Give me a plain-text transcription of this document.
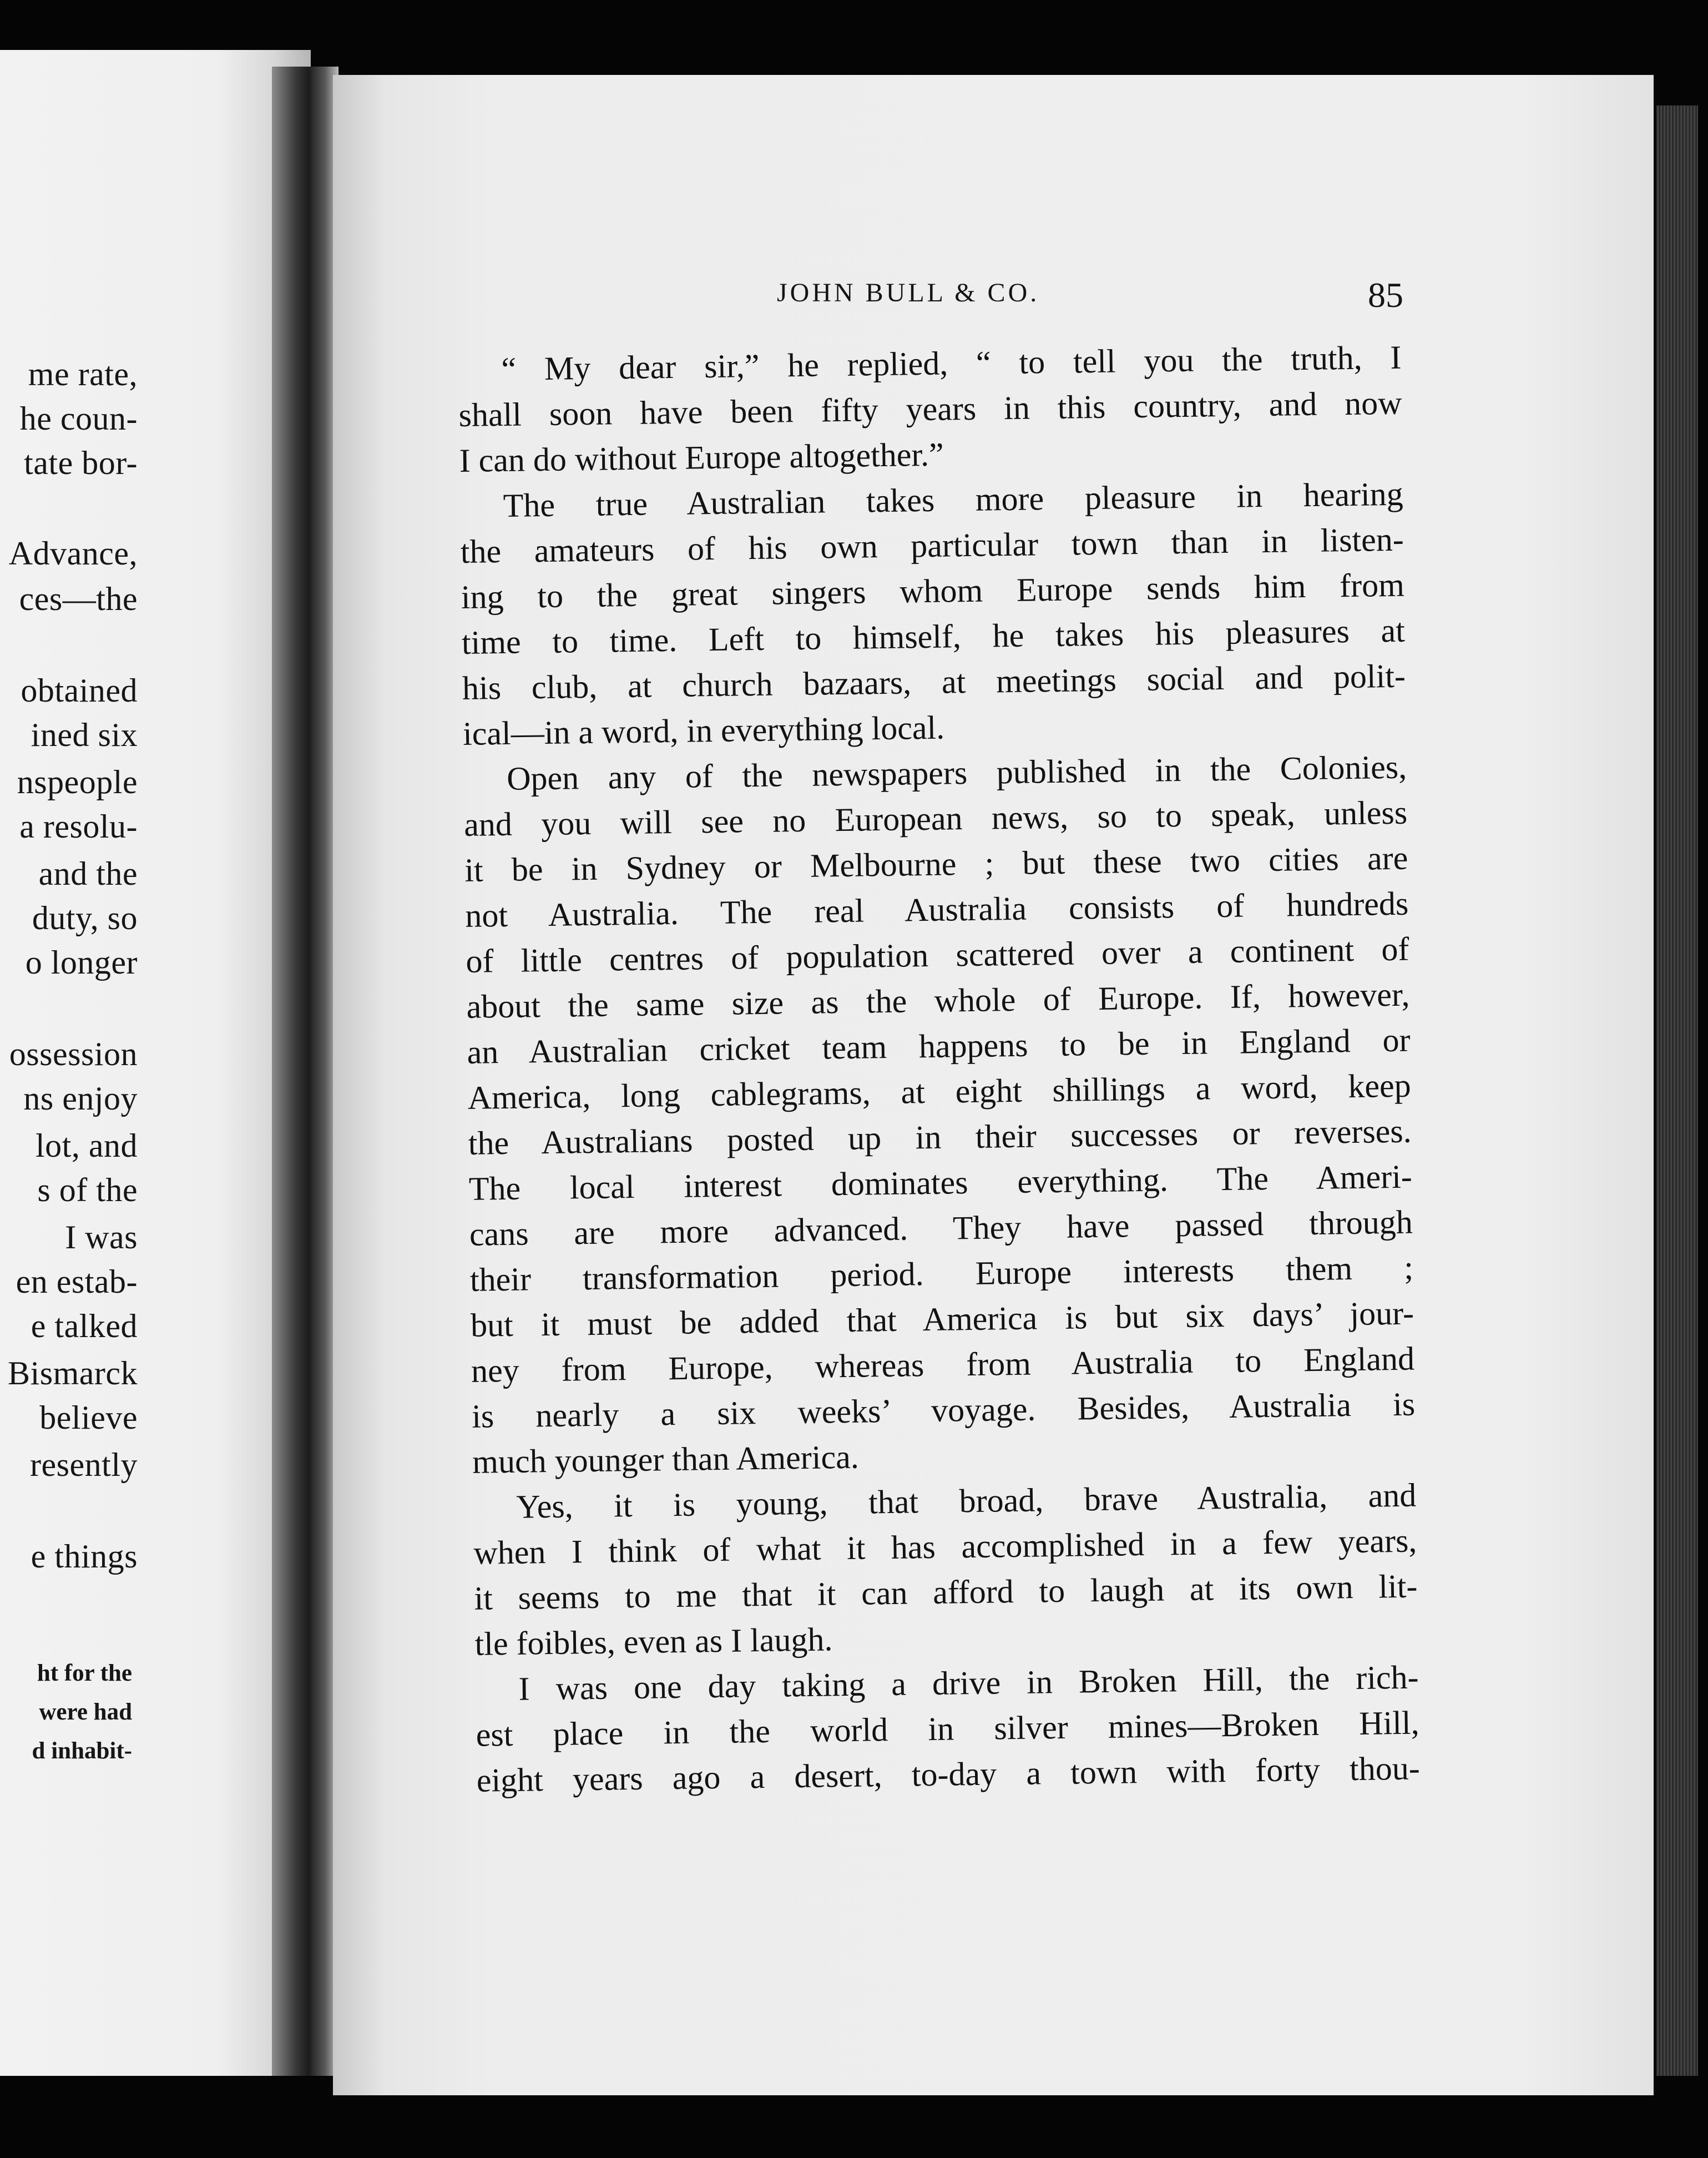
me rate,
he coun-
tate bor-
Advance,
ces—the
obtained
ined six
nspeople
a resolu-
and the
duty, so
o longer
ossession
ns enjoy
lot, and
s of the
I was
en estab-
e talked
Bismarck
believe
resently
e things
ht for the
were had
d inhabit-
JOHN BULL & CO.	85
“ My dear sir,” he replied, “ to tell you the truth, I
shall soon have been fifty years in this country, and now
I can do without Europe altogether.”
The true Australian takes more pleasure in hearing
the amateurs of his own particular town than in listen-
ing to the great singers whom Europe sends him from
time to time. Left to himself, he takes his pleasures at
his club, at church bazaars, at meetings social and polit-
ical—in a word, in everything local.
Open any of the newspapers published in the Colonies,
and you will see no European news, so to speak, unless
it be in Sydney or Melbourne ; but these two cities are
not Australia. The real Australia consists of hundreds
of little centres of population scattered over a continent of
about the same size as the whole of Europe. If, however,
an Australian cricket team happens to be in England or
America, long cablegrams, at eight shillings a word, keep
the Australians posted up in their successes or reverses.
The local interest dominates everything. The Ameri-
cans are more advanced. They have passed through
their transformation period. Europe interests them ;
but it must be added that America is but six days’ jour-
ney from Europe, whereas from Australia to England
is nearly a six weeks’ voyage. Besides, Australia is
much younger than America.
Yes, it is young, that broad, brave Australia, and
when I think of what it has accomplished in a few years,
it seems to me that it can afford to laugh at its own lit-
tle foibles, even as I laugh.
I was one day taking a drive in Broken Hill, the rich-
est place in the world in silver mines—Broken Hill,
eight years ago a desert, to-day a town with forty thou-
